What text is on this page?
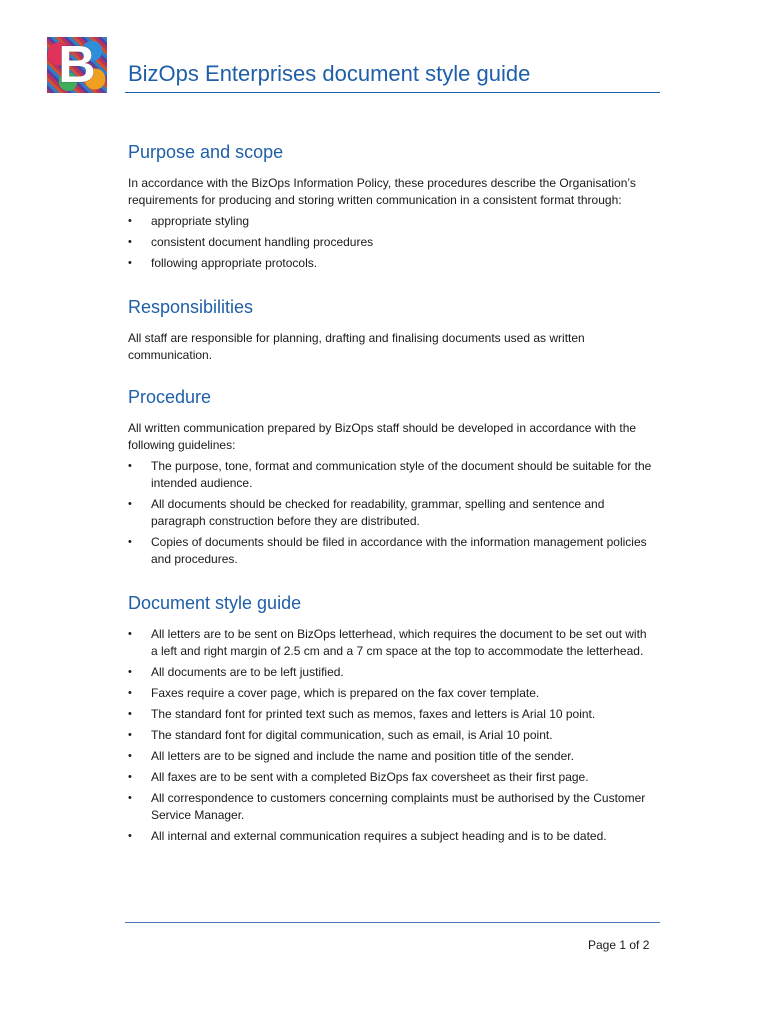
B	BizOps Enterprises document style guide
Purpose and scope

In accordance with the BizOps Information Policy, these procedures describe the Organisation’s requirements for producing and storing written communication in a consistent format through:

• appropriate styling
• consistent document handling procedures
• following appropriate protocols.
Responsibilities

All staff are responsible for planning, drafting and finalising documents used as written communication.

Procedure

All written communication prepared by BizOps staff should be developed in accordance with the following guidelines:

• The purpose, tone, format and communication style of the document should be suitable for the intended audience.
• All documents should be checked for readability, grammar, spelling and sentence and paragraph construction before they are distributed.
• Copies of documents should be filed in accordance with the information management policies and procedures.
Document style guide
• All letters are to be sent on BizOps letterhead, which requires the document to be set out with a left and right margin of 2.5 cm and a 7 cm space at the top to accommodate the letterhead.
• All documents are to be left justified.
• Faxes require a cover page, which is prepared on the fax cover template.
• The standard font for printed text such as memos, faxes and letters is Arial 10 point.
• The standard font for digital communication, such as email, is Arial 10 point.
• All letters are to be signed and include the name and position title of the sender.
• All faxes are to be sent with a completed BizOps fax coversheet as their first page.
• All correspondence to customers concerning complaints must be authorised by the Customer Service Manager.
• All internal and external communication requires a subject heading and is to be dated.
Page 1 of 2
